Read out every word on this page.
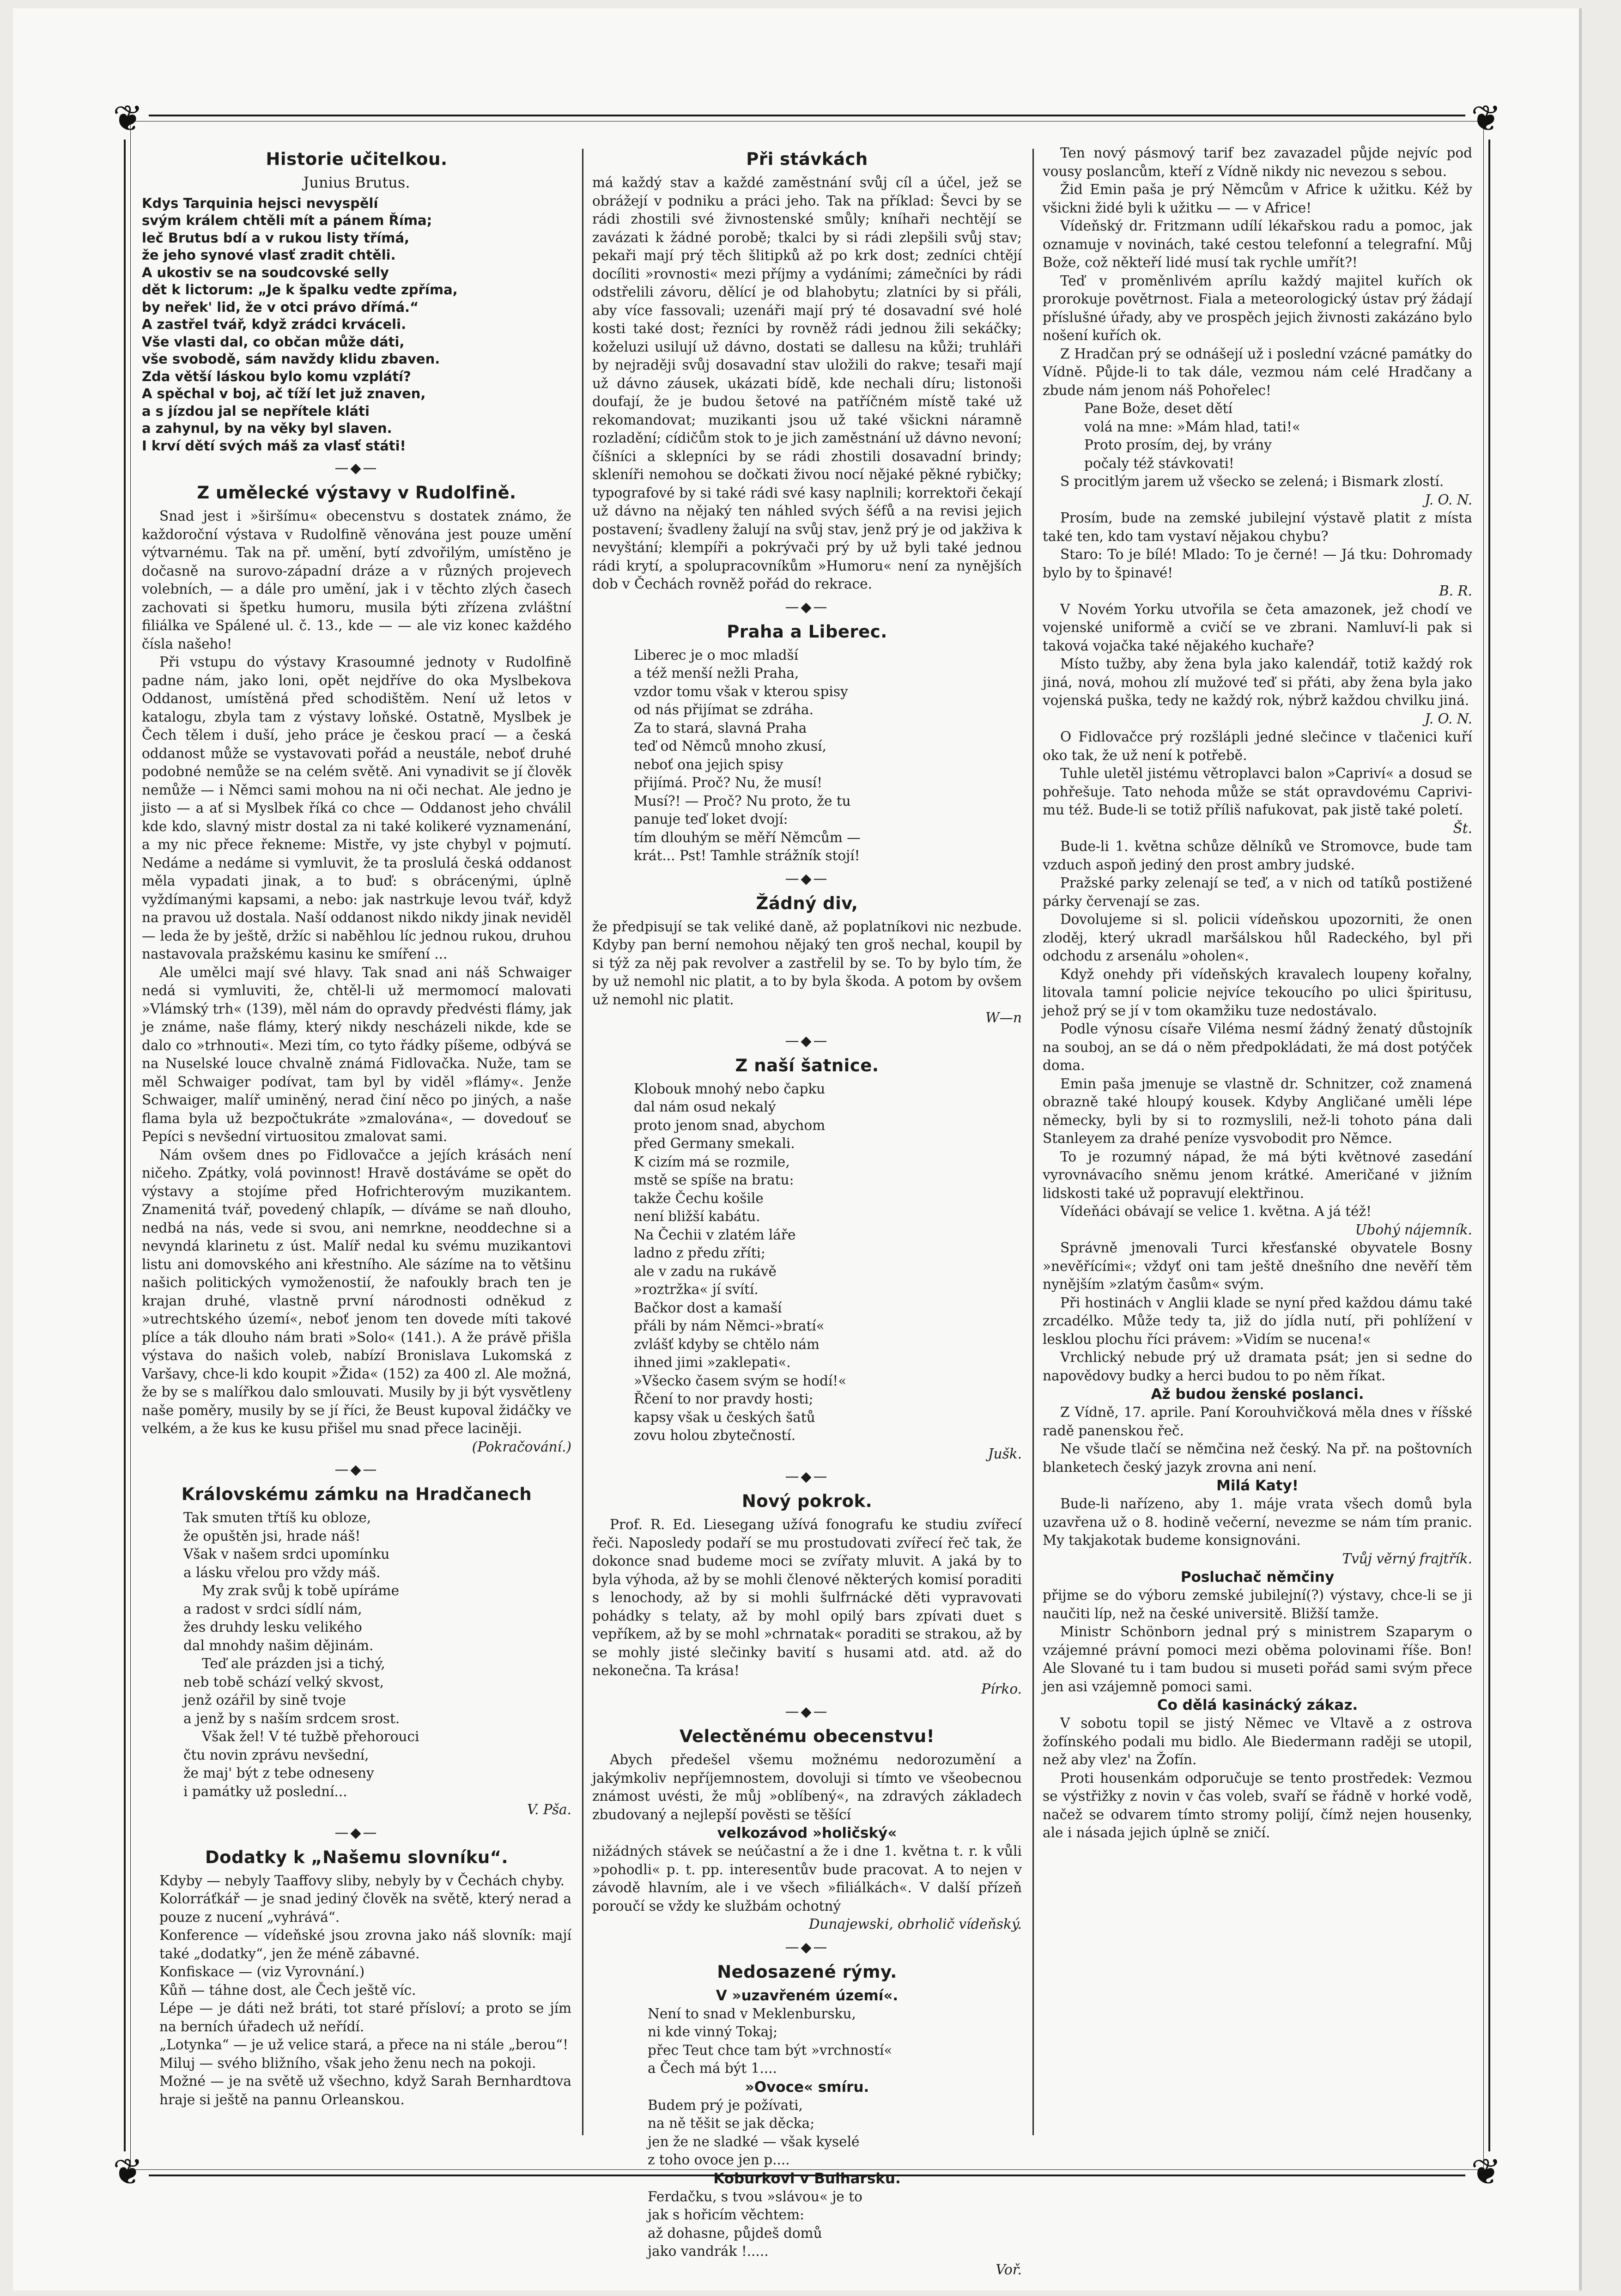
❦	❦
❦	❦
Historie učitelkou.
Junius Brutus.
Kdys Tarquinia hejsci nevyspělí
svým králem chtěli mít a pánem Říma;
leč Brutus bdí a v rukou listy třímá,
že jeho synové vlasť zradit chtěli.
A ukostiv se na soudcovské selly
dět k lictorum: „Je k špalku vedte zpříma,
by neřek' lid, že v otci právo dřímá.“
A zastřel tvář, když zrádci krváceli.
Vše vlasti dal, co občan může dáti,
vše svobodě, sám navždy klidu zbaven.
Zda větší láskou bylo komu vzplátí?
A spěchal v boj, ač tíží let juž znaven,
a s jízdou jal se nepřítele kláti
a zahynul, by na věky byl slaven.
I krví dětí svých máš za vlasť státi!
—◆—
Z umělecké výstavy v Rudolfině.

Snad jest i »širšímu« obecenstvu s dostatek známo, že každoroční výstava v Rudolfině věnována jest pouze umění výtvarnému. Tak na př. umění, bytí zdvořilým, umístěno je dočasně na surovo-západní dráze a v různých projevech volebních, — a dále pro umění, jak i v těchto zlých časech zachovati si špetku humoru, musila býti zřízena zvláštní filiálka ve Spálené ul. č. 13., kde — — ale viz konec každého čísla našeho!

Při vstupu do výstavy Krasoumné jednoty v Rudolfině padne nám, jako loni, opět nejdříve do oka Myslbekova Oddanost, umístěná před schodištěm. Není už letos v katalogu, zbyla tam z výstavy loňské. Ostatně, Myslbek je Čech tělem i duší, jeho práce je českou prací — a česká oddanost může se vystavovati pořád a neustále, neboť druhé podobné nemůže se na celém světě. Ani vynadivit se jí člověk nemůže — i Němci sami mohou na ni oči nechat. Ale jedno je jisto — a ať si Myslbek říká co chce — Oddanost jeho chválil kde kdo, slavný mistr dostal za ni také kolikeré vyznamenání, a my nic přece řekneme: Mistře, vy jste chybyl v pojmutí. Nedáme a nedáme si vymluvit, že ta proslulá česká oddanost měla vypadati jinak, a to buď: s obrácenými, úplně vyždímanými kapsami, a nebo: jak nastrkuje levou tvář, když na pravou už dostala. Naší oddanost nikdo nikdy jinak neviděl — leda že by ještě, držíc si naběhlou líc jednou rukou, druhou nastavovala pražskému kasinu ke smíření ...

Ale umělci mají své hlavy. Tak snad ani náš Schwaiger nedá si vymluviti, že, chtěl-li už mermomocí malovati »Vlámský trh« (139), měl nám do opravdy předvésti flámy, jak je známe, naše flámy, který nikdy nescházeli nikde, kde se dalo co »trhnouti«. Mezi tím, co tyto řádky píšeme, odbývá se na Nuselské louce chvalně známá Fidlovačka. Nuže, tam se měl Schwaiger podívat, tam byl by viděl »flámy«. Jenže Schwaiger, malíř uminěný, nerad činí něco po jiných, a naše flama byla už bezpočtukráte »zmalována«, — dovedouť se Pepíci s nevšední virtuositou zmalovat sami.

Nám ovšem dnes po Fidlovačce a jejích krásách není ničeho. Zpátky, volá povinnost! Hravě dostáváme se opět do výstavy a stojíme před Hofrichterovým muzikantem. Znamenitá tvář, povedený chlapík, — díváme se naň dlouho, nedbá na nás, vede si svou, ani nemrkne, neoddechne si a nevyndá klarinetu z úst. Malíř nedal ku svému muzikantovi listu ani domovského ani křestního. Ale sázíme na to většinu našich politických vymoženostií, že nafoukly brach ten je krajan druhé, vlastně první národnosti odněkud z »utrechtského území«, neboť jenom ten dovede míti takové plíce a ták dlouho nám brati »Solo« (141.). A že právě přišla výstava do našich voleb, nabízí Bronislava Lukomská z Varšavy, chce-li kdo koupit »Žida« (152) za 400 zl. Ale možná, že by se s malířkou dalo smlouvati. Musily by ji být vysvětleny naše poměry, musily by se jí říci, že Beust kupoval židáčky ve velkém, a že kus ke kusu přišel mu snad přece laciněji.

(Pokračování.)
—◆—
Královskému zámku na Hradčanech
Tak smuten třtíš ku obloze,
že opuštěn jsi, hrade náš!
Však v našem srdci upomínku
a lásku vřelou pro vždy máš.
My zrak svůj k tobě upíráme
a radost v srdci sídlí nám,
žes druhdy lesku velikého
dal mnohdy našim dějinám.
Teď ale prázden jsi a tichý,
neb tobě schází velký skvost,
jenž ozářil by sině tvoje
a jenž by s naším srdcem srost.
Však žel! V té tužbě přehorouci
čtu novin zprávu nevšední,
že maj' být z tebe odneseny
i památky už poslední...
V. Pša.
—◆—
Dodatky k „Našemu slovníku“.

Kdyby — nebyly Taaffovy sliby, nebyly by v Čechách chyby.

Kolorráťkář — je snad jediný člověk na světě, který nerad a pouze z nucení „vyhrává“.

Konference — vídeňské jsou zrovna jako náš slovník: mají také „dodatky“, jen že méně zábavné.

Konfiskace — (viz Vyrovnání.)

Kůň — táhne dost, ale Čech ještě víc.

Lépe — je dáti než bráti, tot staré přísloví; a proto se jím na berních úřadech už neřídí.

„Lotynka“ — je už velice stará, a přece na ni stále „berou“!

Miluj — svého bližního, však jeho ženu nech na pokoji.

Možné — je na světě už všechno, když Sarah Bernhardtova hraje si ještě na pannu Orleanskou.

Při stávkách

má každý stav a každé zaměstnání svůj cíl a účel, jež se obrážejí v podniku a práci jeho. Tak na příklad: Ševci by se rádi zhostili své živnostenské smůly; kníhaři nechtějí se zavázati k žádné porobě; tkalci by si rádi zlepšili svůj stav; pekaři mají prý těch šlitipků až po krk dost; zedníci chtějí docíliti »rovnosti« mezi příjmy a vydáními; zámečníci by rádi odstřelili závoru, dělící je od blahobytu; zlatníci by si přáli, aby více fassovali; uzenáři mají prý té dosavadní své holé kosti také dost; řezníci by rovněž rádi jednou žili sekáčky; koželuzi usilují už dávno, dostati se dallesu na kůži; truhláři by nejraději svůj dosavadní stav uložili do rakve; tesaři mají už dávno záusek, ukázati bídě, kde nechali díru; listonoši doufají, že je budou šetové na patříčném místě také už rekomandovat; muzikanti jsou už také všickni náramně rozladění; cídičům stok to je jich zaměstnání už dávno nevoní; číšníci a sklepníci by se rádi zhostili dosavadní brindy; skleníři nemohou se dočkati živou nocí nějaké pěkné rybičky; typografové by si také rádi své kasy naplnili; korrektoři čekají už dávno na nějaký ten náhled svých šéfů a na revisi jejich postavení; švadleny žalují na svůj stav, jenž prý je od jakživa k nevyštání; klempíři a pokrývači prý by už byli také jednou rádi krytí, a spolupracovníkům »Humoru« není za nynějších dob v Čechách rovněž pořád do rekrace.

—◆—
Praha a Liberec.
Liberec je o moc mladší
a též menší nežli Praha,
vzdor tomu však v kterou spisy
od nás přijímat se zdráha.
Za to stará, slavná Praha
teď od Němců mnoho zkusí,
neboť ona jejich spisy
přijímá. Proč? Nu, že musí!
Musí?! — Proč? Nu proto, že tu
panuje teď loket dvojí:
tím dlouhým se měří Němcům —
krát... Pst! Tamhle strážník stojí!
—◆—
Žádný div,

že předpisují se tak veliké daně, až poplatníkovi nic nezbude. Kdyby pan berní nemohou nějaký ten groš nechal, koupil by si týž za něj pak revolver a zastřelil by se. To by bylo tím, že by už nemohl nic platit, a to by byla škoda. A potom by ovšem už nemohl nic platit.

W—n
—◆—
Z naší šatnice.
Klobouk mnohý nebo čapku
dal nám osud nekalý
proto jenom snad, abychom
před Germany smekali.
K cizím má se rozmile,
mstě se spíše na bratu:
takže Čechu košile
není bližší kabátu.
Na Čechii v zlatém láře
ladno z předu zříti;
ale v zadu na rukávě
»roztržka« jí svítí.
Bačkor dost a kamaší
přáli by nám Němci-»bratí«
zvlášť kdyby se chtělo nám
ihned jimi »zaklepati«.
»Všecko časem svým se hodí!«
Řčení to nor pravdy hosti;
kapsy však u českých šatů
zovu holou zbytečností.
Jušk.
—◆—
Nový pokrok.

Prof. R. Ed. Liesegang užívá fonografu ke studiu zvířecí řeči. Naposledy podaří se mu prostudovati zvířecí řeč tak, že dokonce snad budeme moci se zvířaty mluvit. A jaká by to byla výhoda, až by se mohli členové některých komisí poraditi s lenochody, až by si mohli šulfrnácké děti vypravovati pohádky s telaty, až by mohl opilý bars zpívati duet s vepříkem, až by se mohl »chrnatak« poraditi se strakou, až by se mohly jisté slečinky bavití s husami atd. atd. až do nekonečna. Ta krása!

Pírko.
—◆—
Velectěnému obecenstvu!

Abych předešel všemu možnému nedorozumění a jakýmkoliv nepříjemnostem, dovoluji si tímto ve všeobecnou známost uvésti, že můj »oblíbený«, na zdravých základech zbudovaný a nejlepší pověsti se těšící

velkozávod »holičský«

nižádných stávek se neúčastní a že i dne 1. května t. r. k vůli »pohodli« p. t. pp. interesentův bude pracovat. A to nejen v závodě hlavním, ale i ve všech »filiálkách«. V další přízeň poroučí se vždy ke službám ochotný

Dunajewski, obrholič vídeňský.
—◆—
Nedosazené rýmy.
V »uzavřeném území«.
Není to snad v Meklenbursku,
ni kde vinný Tokaj;
přec Teut chce tam být »vrchností«
a Čech má být 1....
»Ovoce« smíru.
Budem prý je požívati,
na ně těšit se jak děcka;
jen že ne sladké — však kyselé
z toho ovoce jen p....
Koburkovi v Bulharsku.
Ferdačku, s tvou »slávou« je to
jak s hořicím věchtem:
až dohasne, půjdeš domů
jako vandrák !.....
Voř.

Ten nový pásmový tarif bez zavazadel půjde nejvíc pod vousy poslancům, kteří z Vídně nikdy nic nevezou s sebou.

Žid Emin paša je prý Němcům v Africe k užitku. Kéž by všickni židé byli k užitku — — v Africe!

Vídeňský dr. Fritzmann udílí lékařskou radu a pomoc, jak oznamuje v novinách, také cestou telefonní a telegrafní. Můj Bože, což někteří lidé musí tak rychle umřít?!

Teď v proměnlivém aprílu každý majitel kuřích ok prorokuje povětrnost. Fiala a meteorologický ústav prý žádají příslušné úřady, aby ve prospěch jejich živnosti zakázáno bylo nošení kuřích ok.

Z Hradčan prý se odnášejí už i poslední vzácné památky do Vídně. Půjde-li to tak dále, vezmou nám celé Hradčany a zbude nám jenom náš Pohořelec!

Pane Bože, deset dětí
volá na mne: »Mám hlad, tati!«
Proto prosím, dej, by vrány
počaly též stávkovati!

S procitlým jarem už všecko se zelená; i Bismark zlostí.

J. O. N.

Prosím, bude na zemské jubilejní výstavě platit z místa také ten, kdo tam vystaví nějakou chybu?

Staro: To je bílé! Mlado: To je černé! — Já tku: Dohromady bylo by to špinavé!

B. R.

V Novém Yorku utvořila se četa amazonek, jež chodí ve vojenské uniformě a cvičí se ve zbrani. Namluví-li pak si taková vojačka také nějakého kuchaře?

Místo tužby, aby žena byla jako kalendář, totiž každý rok jiná, nová, mohou zlí mužové teď si přáti, aby žena byla jako vojenská puška, tedy ne každý rok, nýbrž každou chvilku jiná.

J. O. N.

O Fidlovačce prý rozšlápli jedné slečince v tlačenici kuří oko tak, že už není k potřebě.

Tuhle uletěl jistému větroplavci balon »Capriví« a dosud se pohřešuje. Tato nehoda může se stát opravdovému Caprivi-mu též. Bude-li se totiž příliš nafukovat, pak jistě také poletí.

Št.

Bude-li 1. května schůze dělníků ve Stromovce, bude tam vzduch aspoň jediný den prost ambry judské.

Pražské parky zelenají se teď, a v nich od tatíků postižené párky červenají se zas.

Dovolujeme si sl. policii vídeňskou upozorniti, že onen zloděj, který ukradl maršálskou hůl Radeckého, byl při odchodu z arsenálu »oholen«.

Když onehdy při vídeňských kravalech loupeny kořalny, litovala tamní policie nejvíce tekoucího po ulici špiritusu, jehož prý se jí v tom okamžiku tuze nedostávalo.

Podle výnosu císaře Viléma nesmí žádný ženatý důstojník na souboj, an se dá o něm předpokládati, že má dost potýček doma.

Emin paša jmenuje se vlastně dr. Schnitzer, což znamená obrazně také hloupý kousek. Kdyby Angličané uměli lépe německy, byli by si to rozmyslili, než-li tohoto pána dali Stanleyem za drahé peníze vysvobodit pro Němce.

To je rozumný nápad, že má býti květnové zasedání vyrovnávacího sněmu jenom krátké. Američané v jižním lidskosti také už popravují elektřinou.

Vídeňáci obávají se velice 1. května. A já též!

Ubohý nájemník.

Správně jmenovali Turci křesťanské obyvatele Bosny »nevěřícími«; vždyť oni tam ještě dnešního dne nevěří těm nynějším »zlatým časům« svým.

Při hostinách v Anglii klade se nyní před každou dámu také zrcadélko. Může tedy ta, již do jídla nutí, při pohlížení v lesklou plochu říci právem: »Vidím se nucena!«

Vrchlický nebude prý už dramata psát; jen si sedne do napovědovy budky a herci budou to po něm říkat.

Až budou ženské poslanci.

Z Vídně, 17. aprile. Paní Korouhvičková měla dnes v říšské radě panenskou řeč.

Ne všude tlačí se němčina než český. Na př. na poštovních blanketech český jazyk zrovna ani není.

Milá Katy!

Bude-li nařízeno, aby 1. máje vrata všech domů byla uzavřena už o 8. hodině večerní, nevezme se nám tím pranic. My takjakotak budeme konsignováni.

Tvůj věrný frajtřík.
Posluchač němčiny

přijme se do výboru zemské jubilejní(?) výstavy, chce-li se ji naučiti líp, než na české universitě. Bližší tamže.

Ministr Schönborn jednal prý s ministrem Szaparym o vzájemné právní pomoci mezi oběma polovinami říše. Bon! Ale Slované tu i tam budou si museti pořád sami svým přece jen asi vzájemně pomoci sami.

Co dělá kasinácký zákaz.

V sobotu topil se jistý Němec ve Vltavě a z ostrova žofínského podali mu bidlo. Ale Biedermann raději se utopil, než aby vlez' na Žofín.

Proti housenkám odporučuje se tento prostředek: Vezmou se výstřižky z novin v čas voleb, svaří se řádně v horké vodě, načež se odvarem tímto stromy polijí, čímž nejen housenky, ale i násada jejich úplně se zničí.
